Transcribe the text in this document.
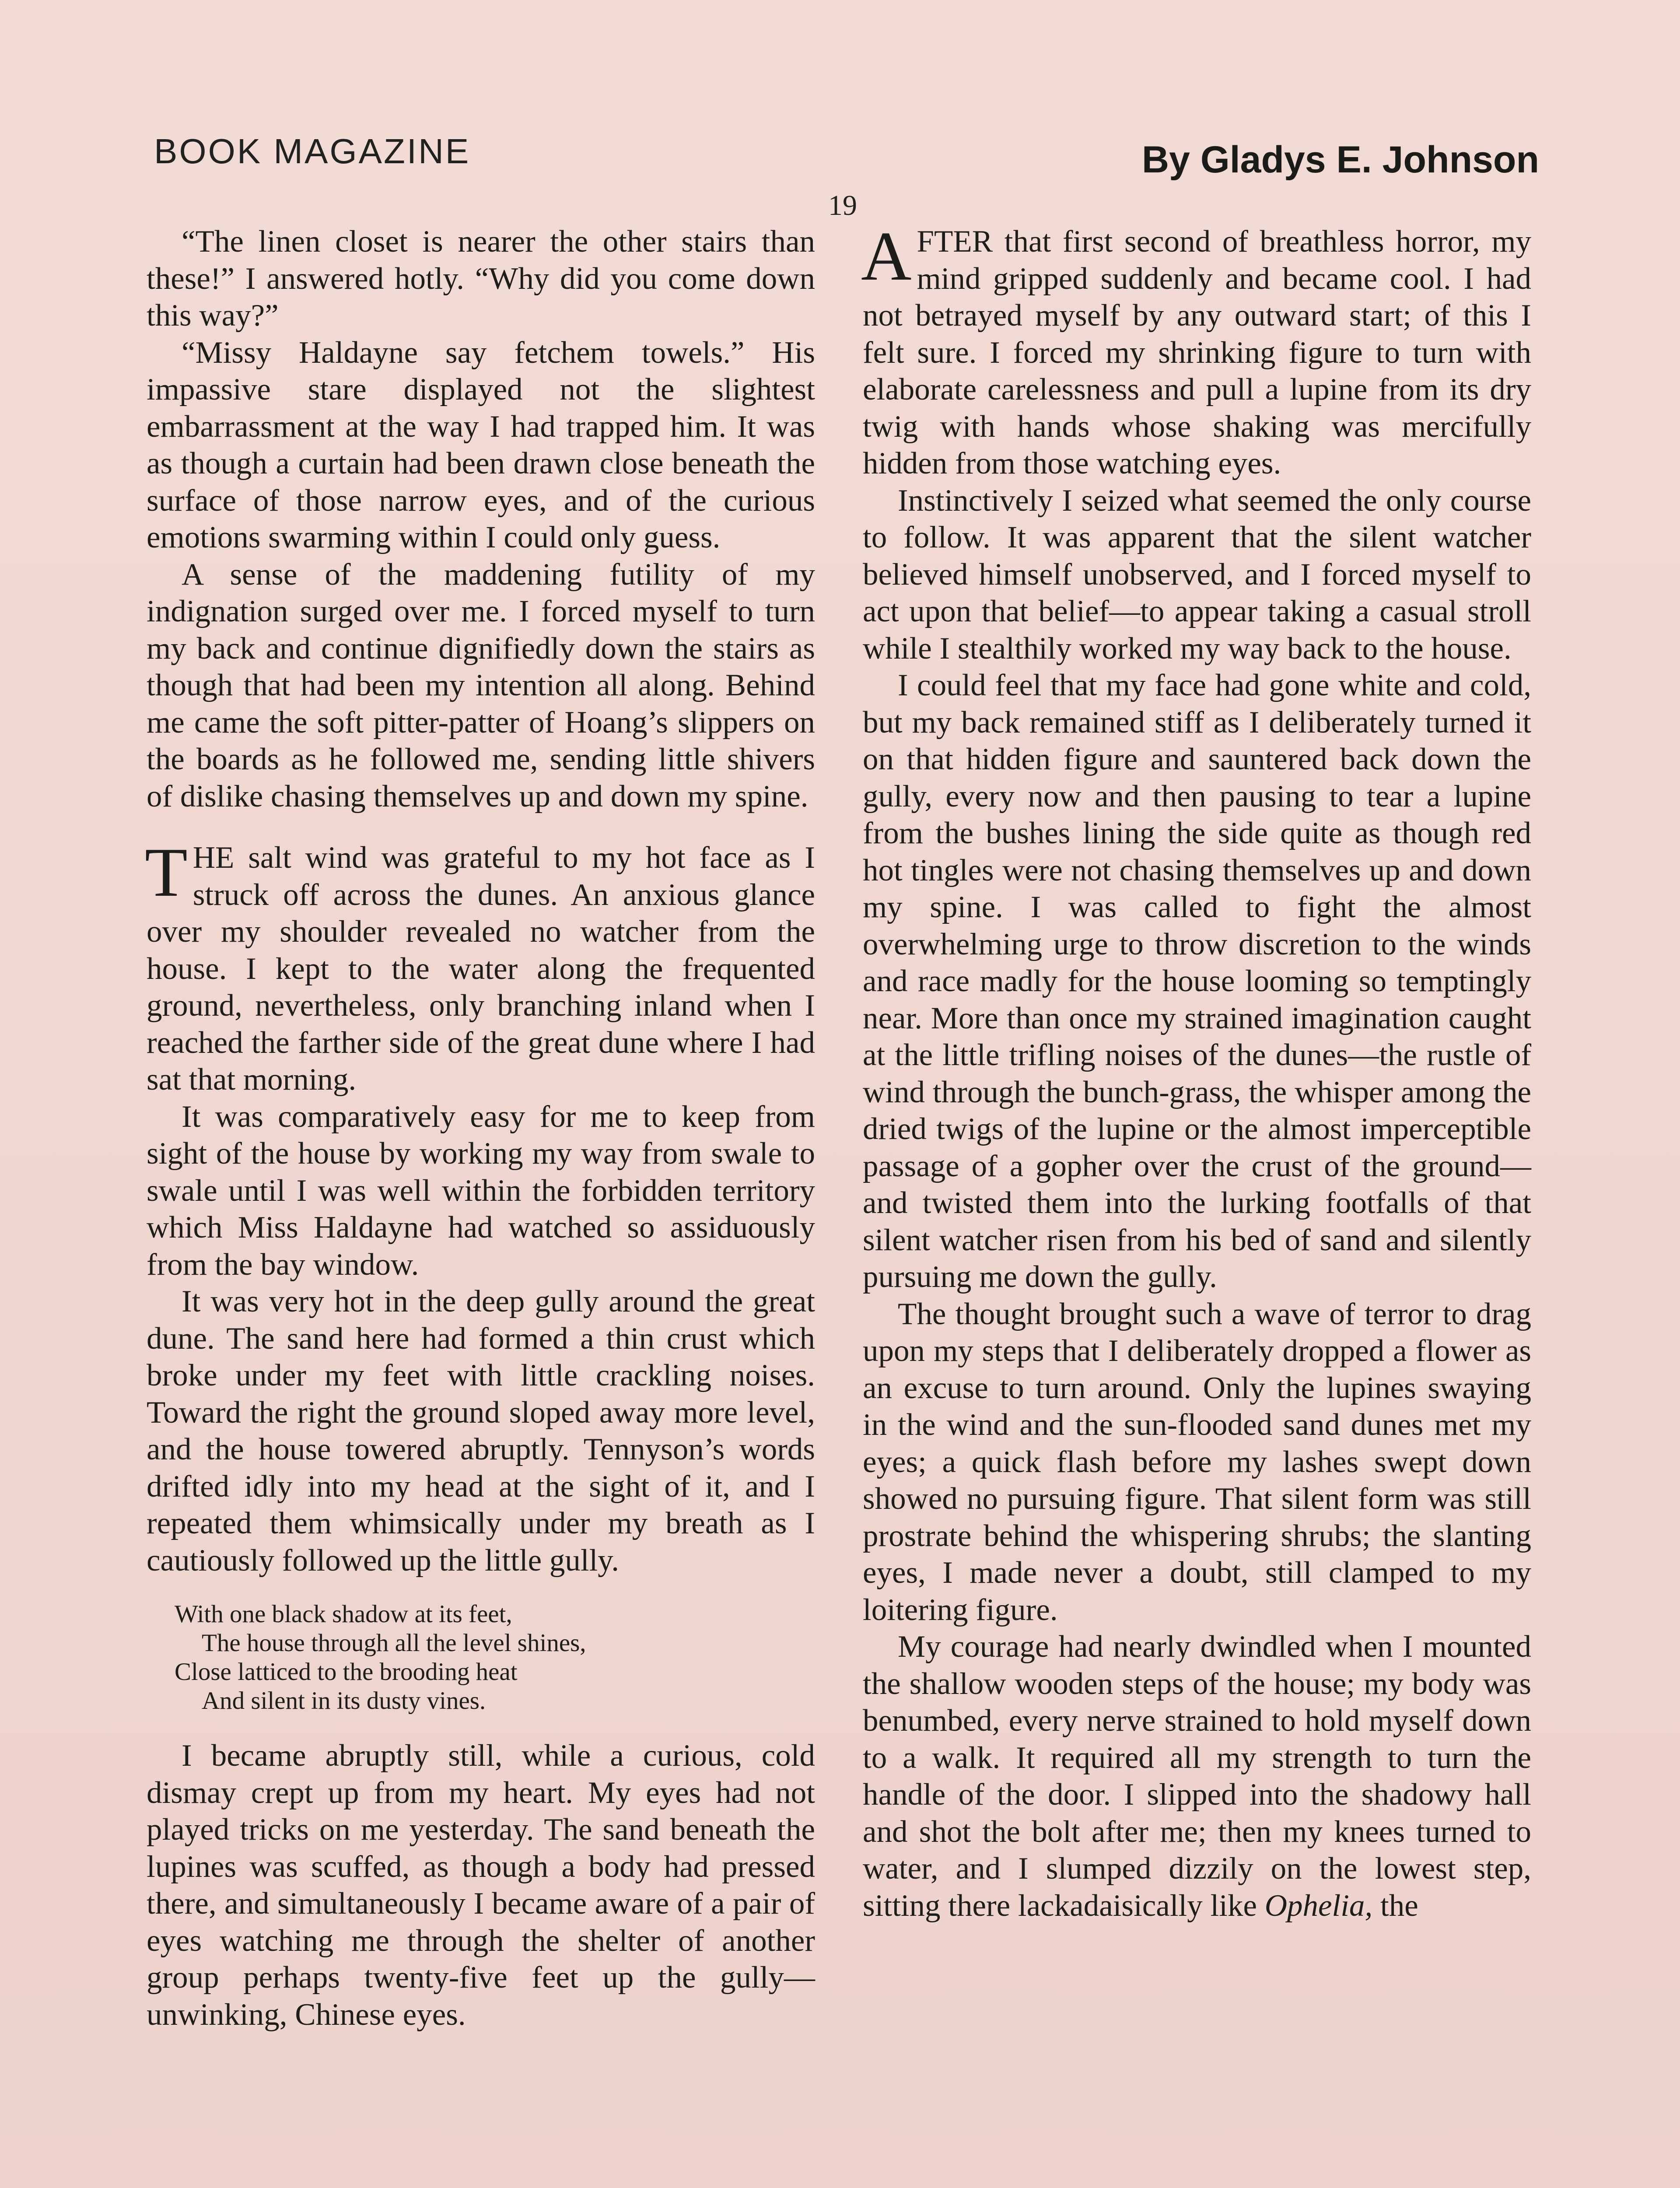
BOOK MAGAZINE	By Gladys E. Johnson
19

“The linen closet is nearer the other stairs than these!” I answered hotly. “Why did you come down this way?”

“Missy Haldayne say fetchem towels.” His impassive stare displayed not the slightest embarrassment at the way I had trapped him. It was as though a curtain had been drawn close beneath the surface of those narrow eyes, and of the curious emotions swarming within I could only guess.

A sense of the maddening futility of my indignation surged over me. I forced myself to turn my back and continue dignifiedly down the stairs as though that had been my intention all along. Behind me came the soft pitter-patter of Hoang’s slippers on the boards as he followed me, sending little shivers of dislike chasing themselves up and down my spine.

THE salt wind was grateful to my hot face as I struck off across the dunes. An anxious glance over my shoulder revealed no watcher from the house. I kept to the water along the frequented ground, nevertheless, only branching inland when I reached the farther side of the great dune where I had sat that morning.

It was comparatively easy for me to keep from sight of the house by working my way from swale to swale until I was well within the forbidden territory which Miss Haldayne had watched so assiduously from the bay window.

It was very hot in the deep gully around the great dune. The sand here had formed a thin crust which broke under my feet with little crackling noises. Toward the right the ground sloped away more level, and the house towered abruptly. Tennyson’s words drifted idly into my head at the sight of it, and I repeated them whimsically under my breath as I cautiously followed up the little gully.

With one black shadow at its feet,
The house through all the level shines,
Close latticed to the brooding heat
And silent in its dusty vines.

I became abruptly still, while a curious, cold dismay crept up from my heart. My eyes had not played tricks on me yesterday. The sand beneath the lupines was scuffed, as though a body had pressed there, and simultaneously I became aware of a pair of eyes watching me through the shelter of another group perhaps twenty-five feet up the gully—unwinking, Chinese eyes.

AFTER that first second of breathless horror, my mind gripped suddenly and became cool. I had not betrayed myself by any outward start; of this I felt sure. I forced my shrinking figure to turn with elaborate carelessness and pull a lupine from its dry twig with hands whose shaking was mercifully hidden from those watching eyes.

Instinctively I seized what seemed the only course to follow. It was apparent that the silent watcher believed himself unobserved, and I forced myself to act upon that belief—to appear taking a casual stroll while I stealthily worked my way back to the house.

I could feel that my face had gone white and cold, but my back remained stiff as I deliberately turned it on that hidden figure and sauntered back down the gully, every now and then pausing to tear a lupine from the bushes lining the side quite as though red hot tingles were not chasing themselves up and down my spine. I was called to fight the almost overwhelming urge to throw discretion to the winds and race madly for the house looming so temptingly near. More than once my strained imagination caught at the little trifling noises of the dunes—the rustle of wind through the bunch-grass, the whisper among the dried twigs of the lupine or the almost imperceptible passage of a gopher over the crust of the ground—and twisted them into the lurking footfalls of that silent watcher risen from his bed of sand and silently pursuing me down the gully.

The thought brought such a wave of terror to drag upon my steps that I deliberately dropped a flower as an excuse to turn around. Only the lupines swaying in the wind and the sun-flooded sand dunes met my eyes; a quick flash before my lashes swept down showed no pursuing figure. That silent form was still prostrate behind the whispering shrubs; the slanting eyes, I made never a doubt, still clamped to my loitering figure.

My courage had nearly dwindled when I mounted the shallow wooden steps of the house; my body was benumbed, every nerve strained to hold myself down to a walk. It required all my strength to turn the handle of the door. I slipped into the shadowy hall and shot the bolt after me; then my knees turned to water, and I slumped dizzily on the lowest step, sitting there lackadaisically like Ophelia, the
